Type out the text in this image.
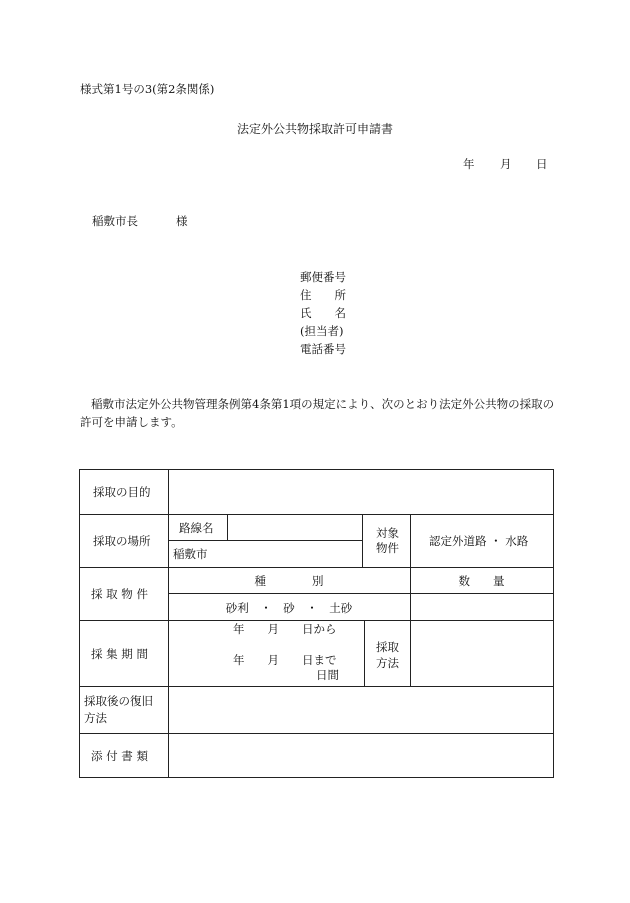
様式第1号の3(第2条関係)
法定外公共物採取許可申請書
年 月 日
稲敷市長	様
郵便番号
住　　所
氏　　名
(担当者)
電話番号
稲敷市法定外公共物管理条例第4条第1項の規定により、次のとおり法定外公共物の採取の許可を申請します。
採取の目的
採取の場所
路線名
稲敷市
対象
物件	認定外道路 ・ 水路
採 取 物 件
種　　　　別
砂利　・　砂　・　土砂
数　　量
採 集 期 間
年　　月　　日から
年　　月　　日まで
日間
採取
方法
採取後の復旧
方法
添 付 書 類
